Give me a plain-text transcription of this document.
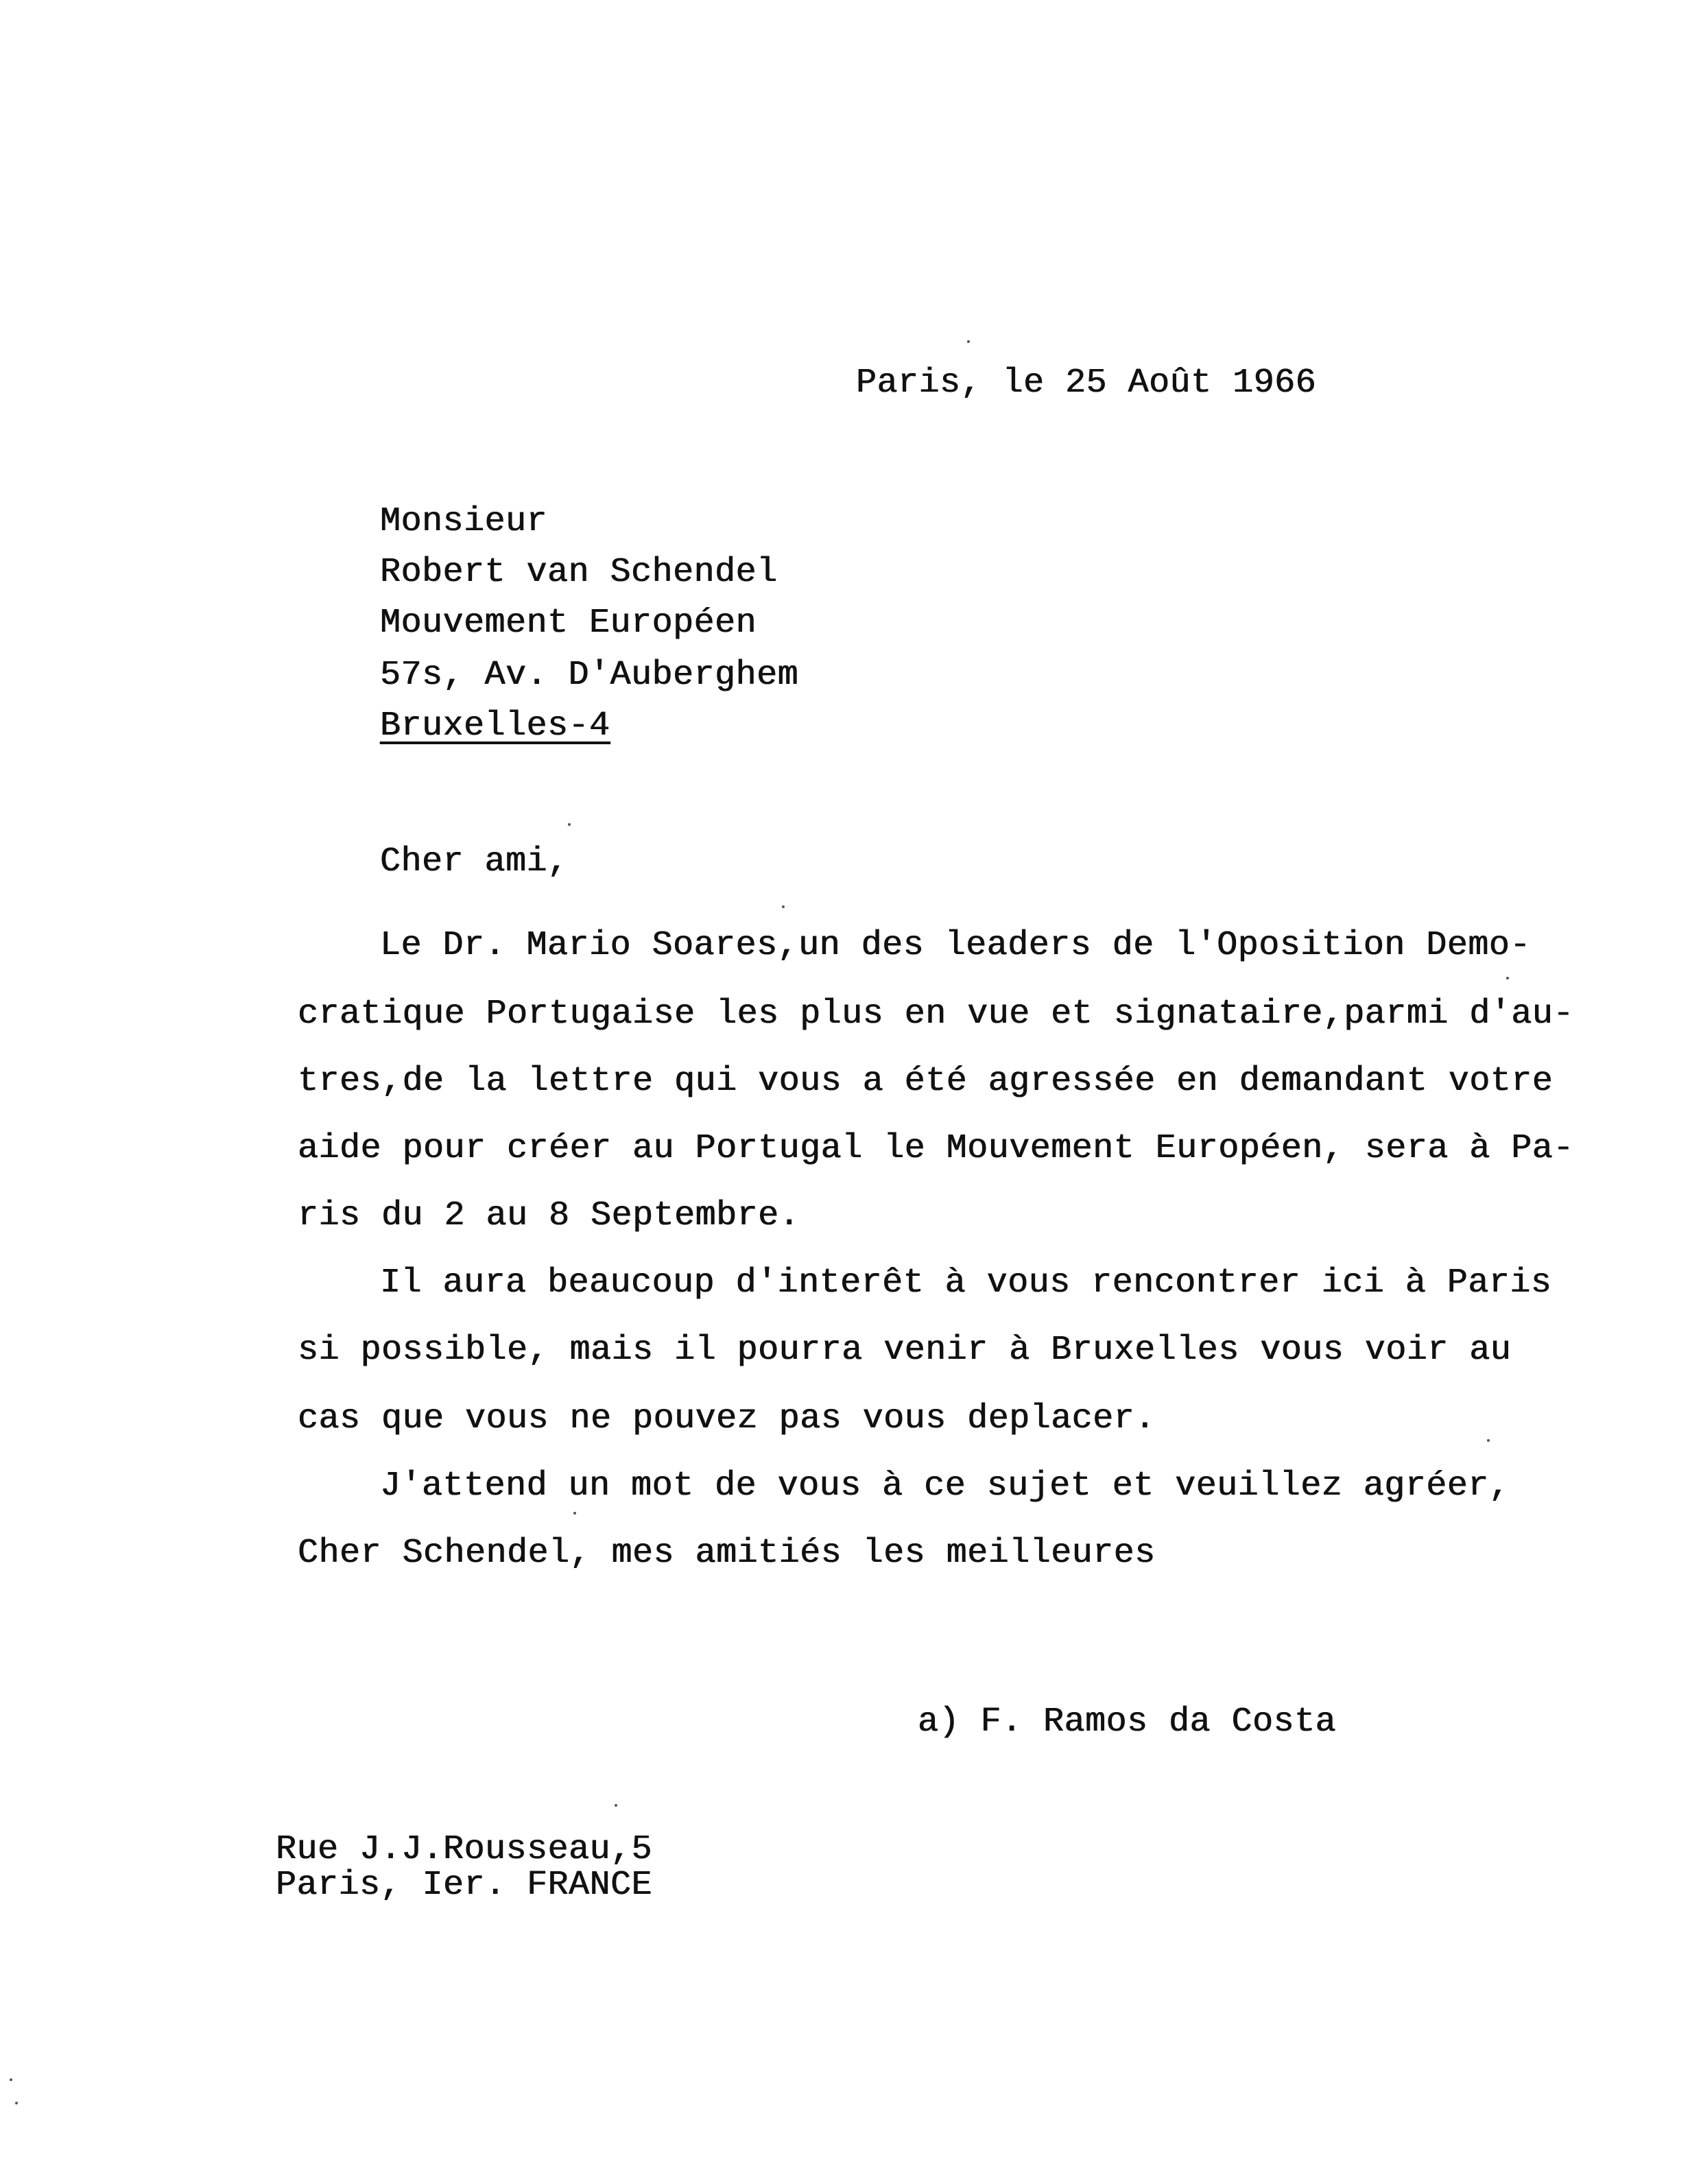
Paris, le 25 Août 1966
Monsieur
Robert van Schendel
Mouvement Européen
57s, Av. D'Auberghem
Bruxelles-4
Cher ami,
Le Dr. Mario Soares,un des leaders de l'Oposition Demo-
cratique Portugaise les plus en vue et signataire,parmi d'au-
tres,de la lettre qui vous a été agressée en demandant votre
aide pour créer au Portugal le Mouvement Européen, sera à Pa-
ris du 2 au 8 Septembre.
Il aura beaucoup d'interêt à vous rencontrer ici à Paris
si possible, mais il pourra venir à Bruxelles vous voir au
cas que vous ne pouvez pas vous deplacer.
J'attend un mot de vous à ce sujet et veuillez agréer,
Cher Schendel, mes amitiés les meilleures
a) F. Ramos da Costa
Rue J.J.Rousseau,5
Paris, Ier. FRANCE
